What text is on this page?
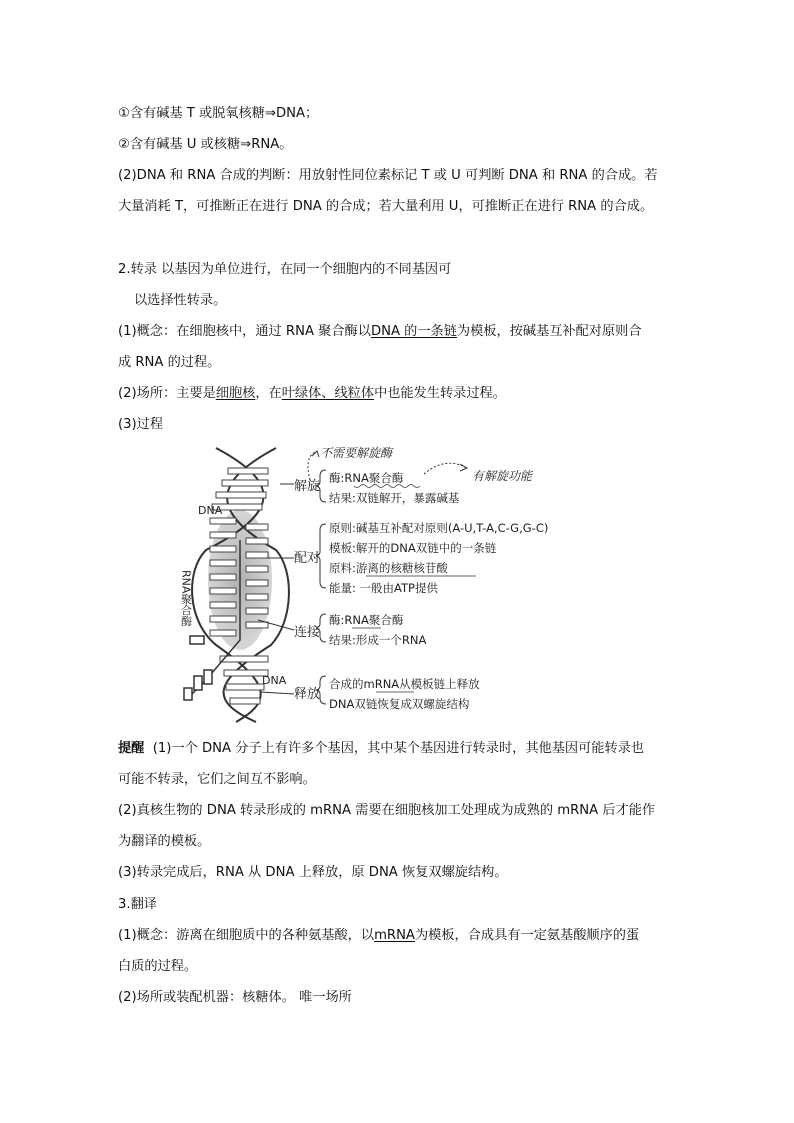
①含有碱基 T 或脱氧核糖⇒DNA；
②含有碱基 U 或核糖⇒RNA。
(2)DNA 和 RNA 合成的判断：用放射性同位素标记 T 或 U 可判断 DNA 和 RNA 的合成。若
大量消耗 T，可推断正在进行 DNA 的合成；若大量利用 U，可推断正在进行 RNA 的合成。
2.转录 以基因为单位进行，在同一个细胞内的不同基因可
以选择性转录。
(1)概念：在细胞核中，通过 RNA 聚合酶以DNA 的一条链为模板，按碱基互补配对原则合
成 RNA 的过程。
(2)场所：主要是细胞核，在叶绿体、线粒体中也能发生转录过程。
(3)过程
DNA
DNA
RNA聚合酶
解旋
配对
连接
释放
酶:RNA聚合酶
结果:双链解开，暴露碱基
原则:碱基互补配对原则(A-U,T-A,C-G,G-C)
模板:解开的DNA双链中的一条链
原料:游离的核糖核苷酸
能量: 一般由ATP提供
酶:RNA聚合酶
结果:形成一个RNA
合成的mRNA从模板链上释放
DNA双链恢复成双螺旋结构
不需要解旋酶
有解旋功能
提醒 (1)一个 DNA 分子上有许多个基因，其中某个基因进行转录时，其他基因可能转录也
可能不转录，它们之间互不影响。
(2)真核生物的 DNA 转录形成的 mRNA 需要在细胞核加工处理成为成熟的 mRNA 后才能作
为翻译的模板。
(3)转录完成后，RNA 从 DNA 上释放，原 DNA 恢复双螺旋结构。
3.翻译
(1)概念：游离在细胞质中的各种氨基酸，以mRNA为模板，合成具有一定氨基酸顺序的蛋
白质的过程。
(2)场所或装配机器：核糖体。 唯一场所
